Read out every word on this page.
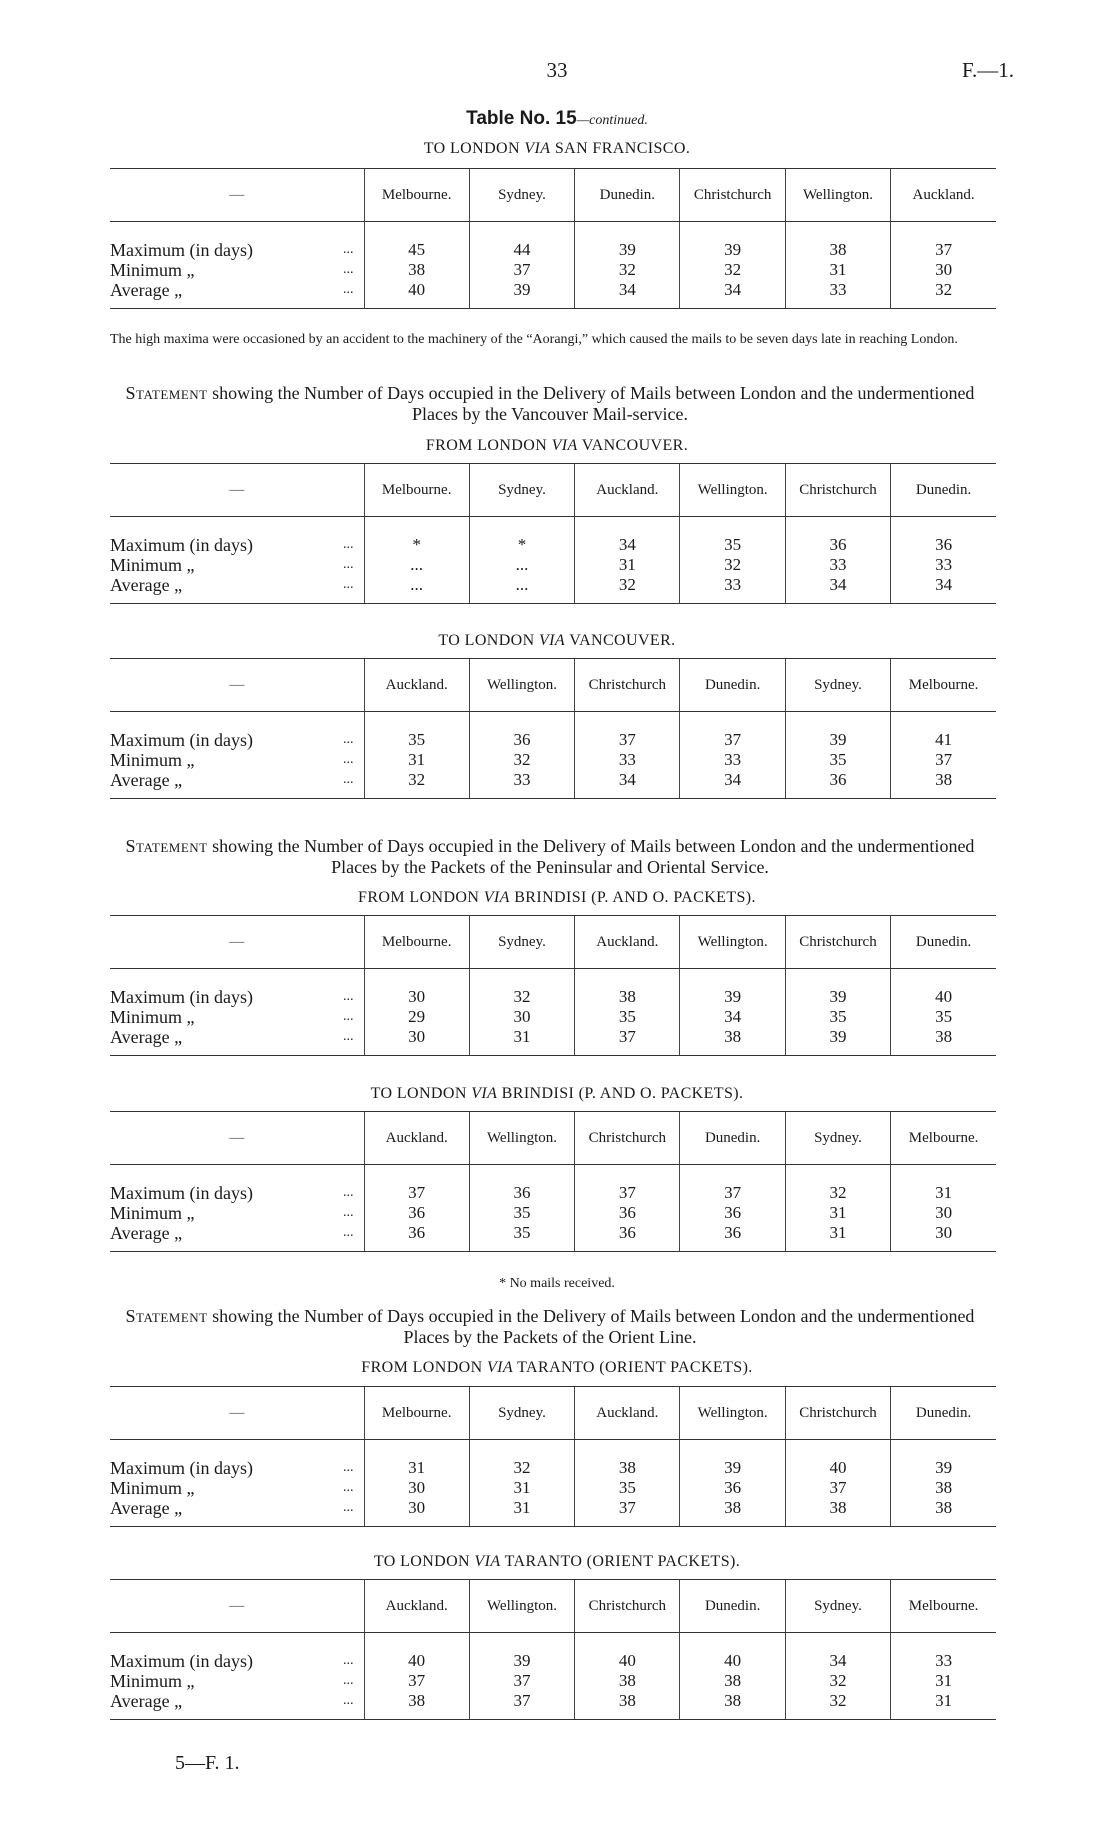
33	F.—1.
Table No. 15—continued.
TO LONDON VIA SAN FRANCISCO.
—	Melbourne.	Sydney.	Dunedin.	Christchurch	Wellington.	Auckland.

Maximum (in days) ...	45	44	39	39	38	37
Minimum „ ...	38	37	32	32	31	30
Average „ ...	40	39	34	34	33	32

The high maxima were occasioned by an accident to the machinery of the “Aorangi,” which caused the mails to be seven days late in reaching London.
Statement showing the Number of Days occupied in the Delivery of Mails between London and the undermentioned Places by the Vancouver Mail-service.
FROM LONDON VIA VANCOUVER.
—	Melbourne.	Sydney.	Auckland.	Wellington.	Christchurch	Dunedin.

Maximum (in days) ...	*	*	34	35	36	36
Minimum „ ...	...	...	31	32	33	33
Average „ ...	...	...	32	33	34	34

TO LONDON VIA VANCOUVER.
—	Auckland.	Wellington.	Christchurch	Dunedin.	Sydney.	Melbourne.

Maximum (in days) ...	35	36	37	37	39	41
Minimum „ ...	31	32	33	33	35	37
Average „ ...	32	33	34	34	36	38

Statement showing the Number of Days occupied in the Delivery of Mails between London and the undermentioned Places by the Packets of the Peninsular and Oriental Service.
FROM LONDON VIA BRINDISI (P. AND O. PACKETS).
—	Melbourne.	Sydney.	Auckland.	Wellington.	Christchurch	Dunedin.

Maximum (in days) ...	30	32	38	39	39	40
Minimum „ ...	29	30	35	34	35	35
Average „ ...	30	31	37	38	39	38

TO LONDON VIA BRINDISI (P. AND O. PACKETS).
—	Auckland.	Wellington.	Christchurch	Dunedin.	Sydney.	Melbourne.

Maximum (in days) ...	37	36	37	37	32	31
Minimum „ ...	36	35	36	36	31	30
Average „ ...	36	35	36	36	31	30

* No mails received.
Statement showing the Number of Days occupied in the Delivery of Mails between London and the undermentioned Places by the Packets of the Orient Line.
FROM LONDON VIA TARANTO (ORIENT PACKETS).
—	Melbourne.	Sydney.	Auckland.	Wellington.	Christchurch	Dunedin.

Maximum (in days) ...	31	32	38	39	40	39
Minimum „ ...	30	31	35	36	37	38
Average „ ...	30	31	37	38	38	38

TO LONDON VIA TARANTO (ORIENT PACKETS).
—	Auckland.	Wellington.	Christchurch	Dunedin.	Sydney.	Melbourne.

Maximum (in days) ...	40	39	40	40	34	33
Minimum „ ...	37	37	38	38	32	31
Average „ ...	38	37	38	38	32	31

5—F. 1.
